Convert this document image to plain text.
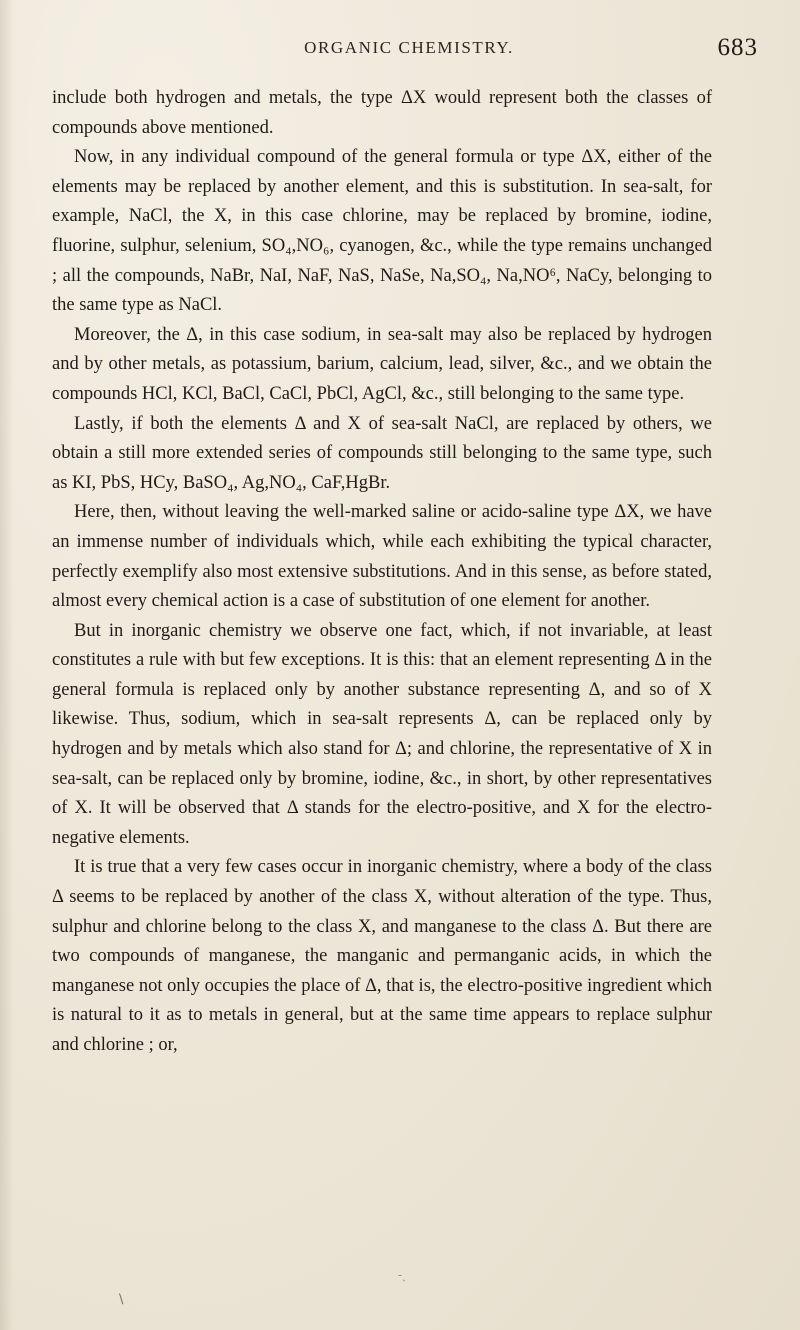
ORGANIC CHEMISTRY.	683

include both hydrogen and metals, the type ΔX would represent both the classes of compounds above mentioned.

Now, in any individual compound of the general formula or type ΔX, either of the elements may be replaced by another element, and this is substitution. In sea-salt, for example, NaCl, the X, in this case chlorine, may be replaced by bromine, iodine, fluorine, sulphur, selenium, SO₄,NO₆, cyanogen, &c., while the type remains unchanged ; all the compounds, NaBr, NaI, NaF, NaS, NaSe, Na,SO₄, Na,NO⁶, NaCy, belonging to the same type as NaCl.

Moreover, the Δ, in this case sodium, in sea-salt may also be replaced by hydrogen and by other metals, as potassium, barium, calcium, lead, silver, &c., and we obtain the compounds HCl, KCl, BaCl, CaCl, PbCl, AgCl, &c., still belonging to the same type.

Lastly, if both the elements Δ and X of sea-salt NaCl, are replaced by others, we obtain a still more extended series of compounds still belonging to the same type, such as KI, PbS, HCy, BaSO₄, Ag,NO₄, CaF,HgBr.

Here, then, without leaving the well-marked saline or acido-saline type ΔX, we have an immense number of individuals which, while each exhibiting the typical character, perfectly exemplify also most extensive substitutions. And in this sense, as before stated, almost every chemical action is a case of substitution of one element for another.

But in inorganic chemistry we observe one fact, which, if not invariable, at least constitutes a rule with but few exceptions. It is this: that an element representing Δ in the general formula is replaced only by another substance representing Δ, and so of X likewise. Thus, sodium, which in sea-salt represents Δ, can be replaced only by hydrogen and by metals which also stand for Δ; and chlorine, the representative of X in sea-salt, can be replaced only by bromine, iodine, &c., in short, by other representatives of X. It will be observed that Δ stands for the electro-positive, and X for the electro-negative elements.

It is true that a very few cases occur in inorganic chemistry, where a body of the class Δ seems to be replaced by another of the class X, without alteration of the type. Thus, sulphur and chlorine belong to the class X, and manganese to the class Δ. But there are two compounds of manganese, the manganic and permanganic acids, in which the manganese not only occupies the place of Δ, that is, the electro-positive ingredient which is natural to it as to metals in general, but at the same time appears to replace sulphur and chlorine ; or,

˗ˏ
\
